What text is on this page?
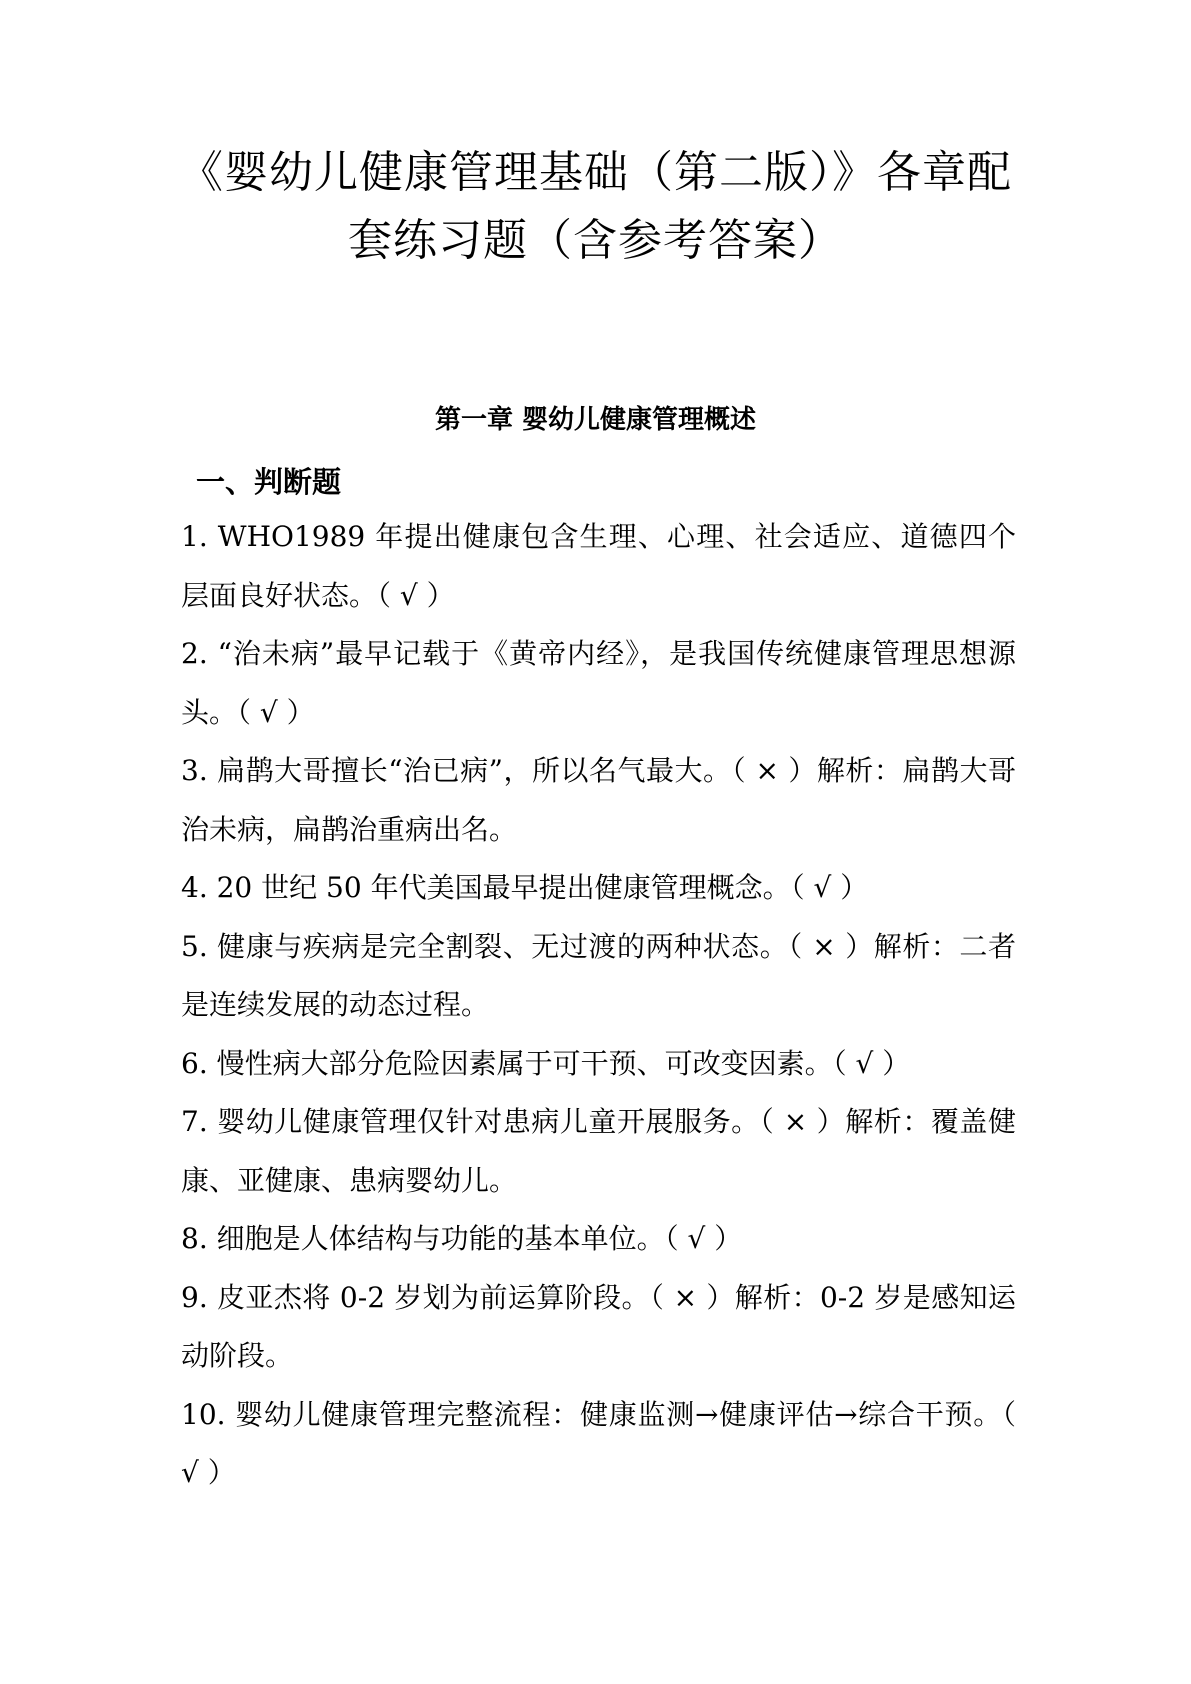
《婴幼儿健康管理基础（第二版）》各章配
套练习题（含参考答案）
第一章 婴幼儿健康管理概述
一、判断题
1. WHO1989 年提出健康包含生理、心理、社会适应、道德四个层面良好状态。（ √ ）
2. “治未病”最早记载于《黄帝内经》，是我国传统健康管理思想源头。（ √ ）
3. 扁鹊大哥擅长“治已病”，所以名气最大。（ × ）解析：扁鹊大哥治未病，扁鹊治重病出名。
4. 20 世纪 50 年代美国最早提出健康管理概念。（ √ ）
5. 健康与疾病是完全割裂、无过渡的两种状态。（ × ）解析：二者是连续发展的动态过程。
6. 慢性病大部分危险因素属于可干预、可改变因素。（ √ ）
7. 婴幼儿健康管理仅针对患病儿童开展服务。（ × ）解析：覆盖健康、亚健康、患病婴幼儿。
8. 细胞是人体结构与功能的基本单位。（ √ ）
9. 皮亚杰将 0-2 岁划为前运算阶段。（ × ）解析：0-2 岁是感知运动阶段。
10. 婴幼儿健康管理完整流程：健康监测→健康评估→综合干预。（ √ ）
